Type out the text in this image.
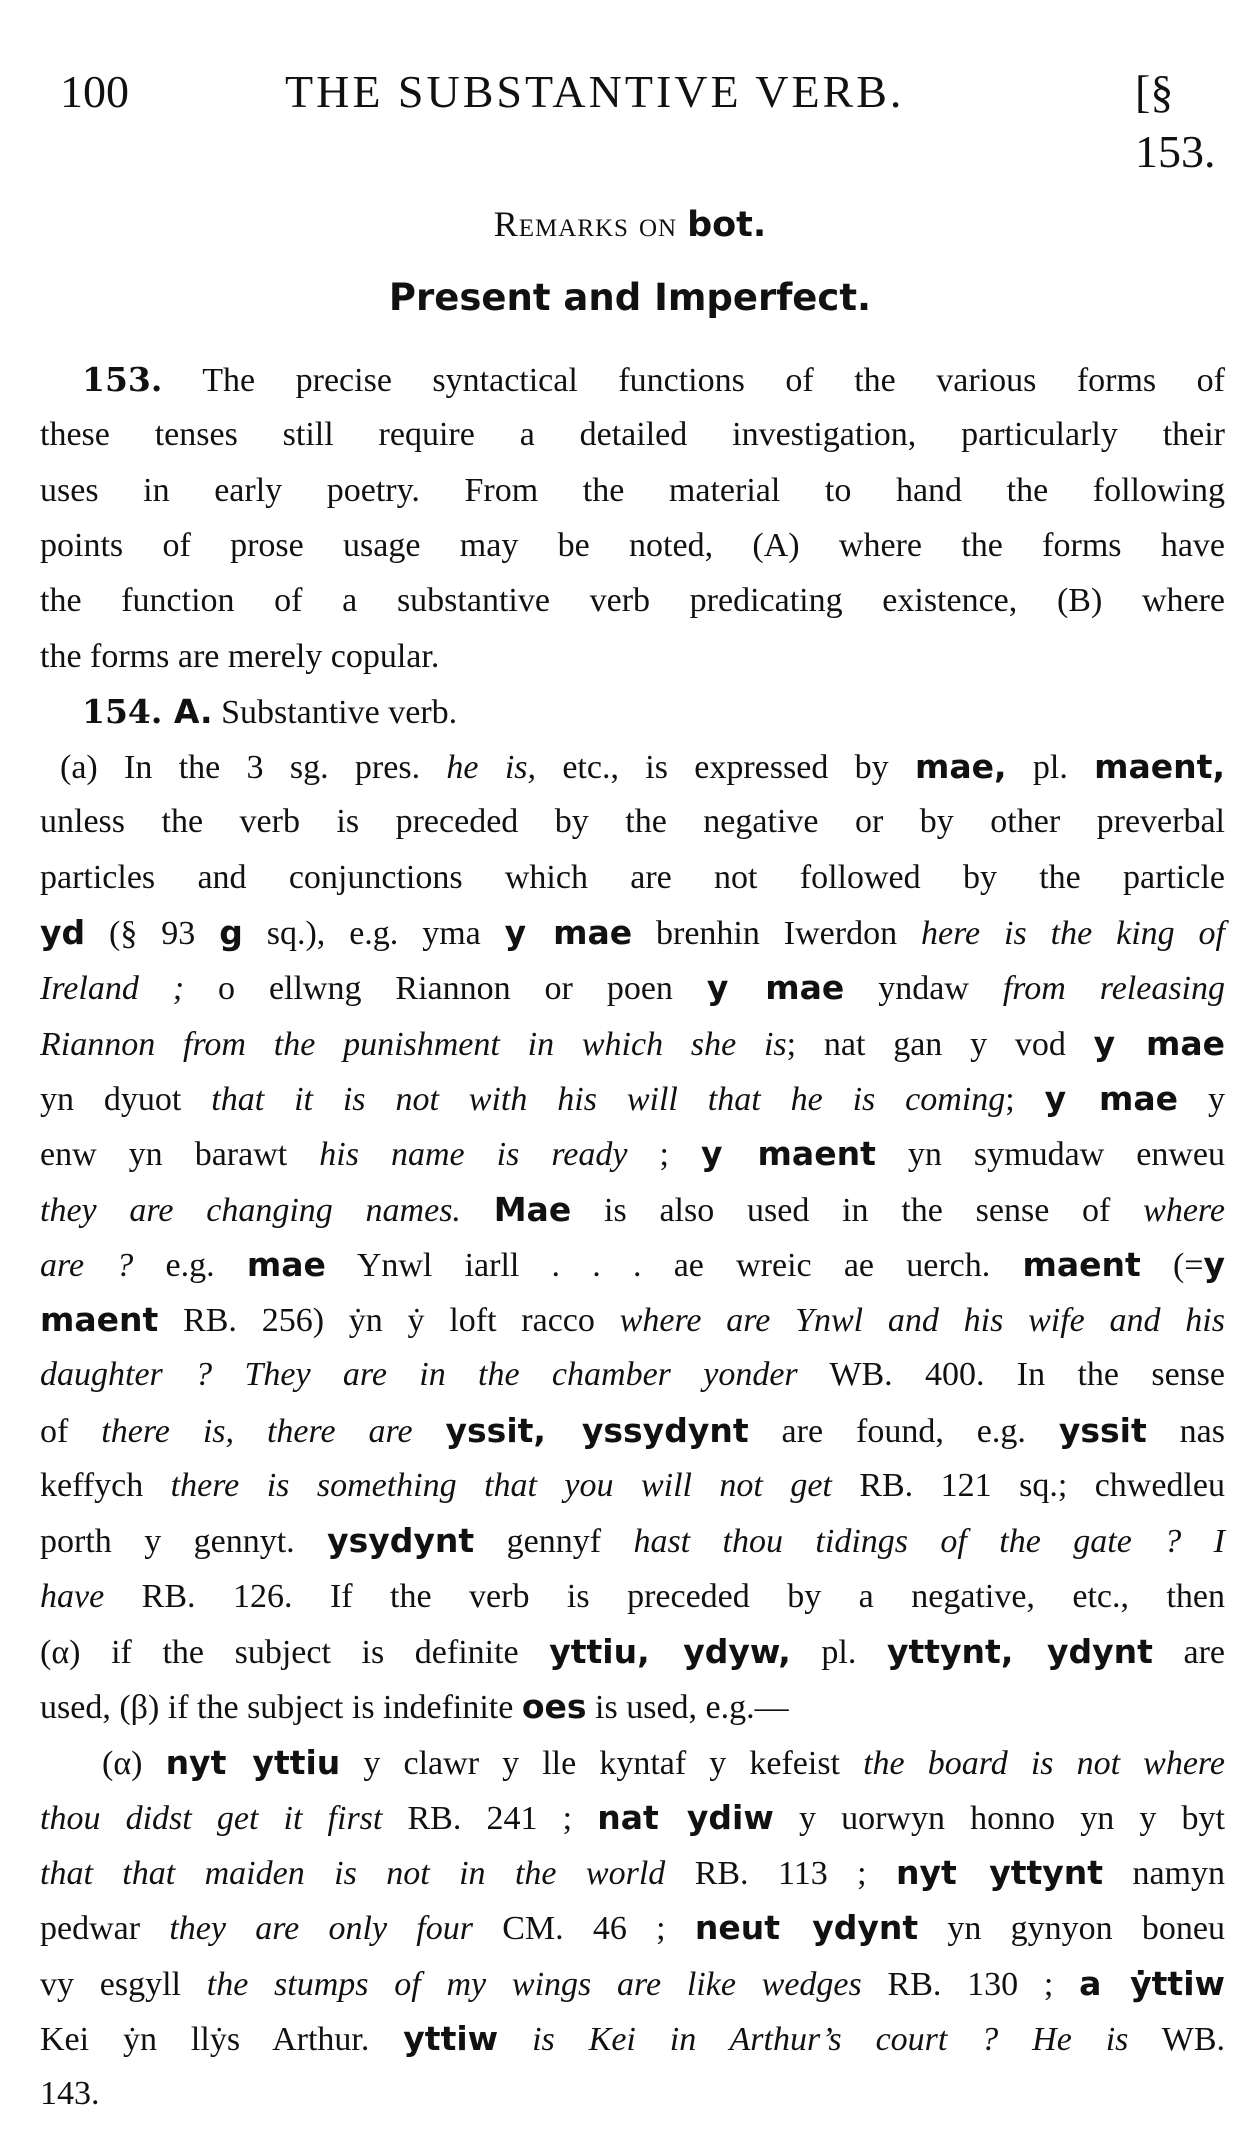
100	THE SUBSTANTIVE VERB.	[§ 153.
Remarks on bot.
Present and Imperfect.
153. The precise syntactical functions of the various forms of
these tenses still require a detailed investigation, particularly their
uses in early poetry. From the material to hand the following
points of prose usage may be noted, (A) where the forms have
the function of a substantive verb predicating existence, (B) where
the forms are merely copular.
154. A. Substantive verb.
(a) In the 3 sg. pres. he is, etc., is expressed by mae, pl. maent,
unless the verb is preceded by the negative or by other preverbal
particles and conjunctions which are not followed by the particle
yd (§ 93 g sq.), e.g. yma y mae brenhin Iwerdon here is the king of
Ireland ; o ellwng Riannon or poen y mae yndaw from releasing
Riannon from the punishment in which she is; nat gan y vod y mae
yn dyuot that it is not with his will that he is coming; y mae y
enw yn barawt his name is ready ; y maent yn symudaw enweu
they are changing names. Mae is also used in the sense of where
are ? e.g. mae Ynwl iarll . . . ae wreic ae uerch. maent (=y
maent RB. 256) ẏn ẏ loft racco where are Ynwl and his wife and his
daughter ? They are in the chamber yonder WB. 400. In the sense
of there is, there are yssit, yssydynt are found, e.g. yssit nas
keffych there is something that you will not get RB. 121 sq.; chwedleu
porth y gennyt. ysydynt gennyf hast thou tidings of the gate ? I
have RB. 126. If the verb is preceded by a negative, etc., then
(α) if the subject is definite yttiu, ydyw, pl. yttynt, ydynt are
used, (β) if the subject is indefinite oes is used, e.g.—
(α) nyt yttiu y clawr y lle kyntaf y kefeist the board is not where
thou didst get it first RB. 241 ; nat ydiw y uorwyn honno yn y byt
that that maiden is not in the world RB. 113 ; nyt yttynt namyn
pedwar they are only four CM. 46 ; neut ydynt yn gynyon boneu
vy esgyll the stumps of my wings are like wedges RB. 130 ; a ẏttiw
Kei ẏn llẏs Arthur. yttiw is Kei in Arthur’s court ? He is WB.
143.
